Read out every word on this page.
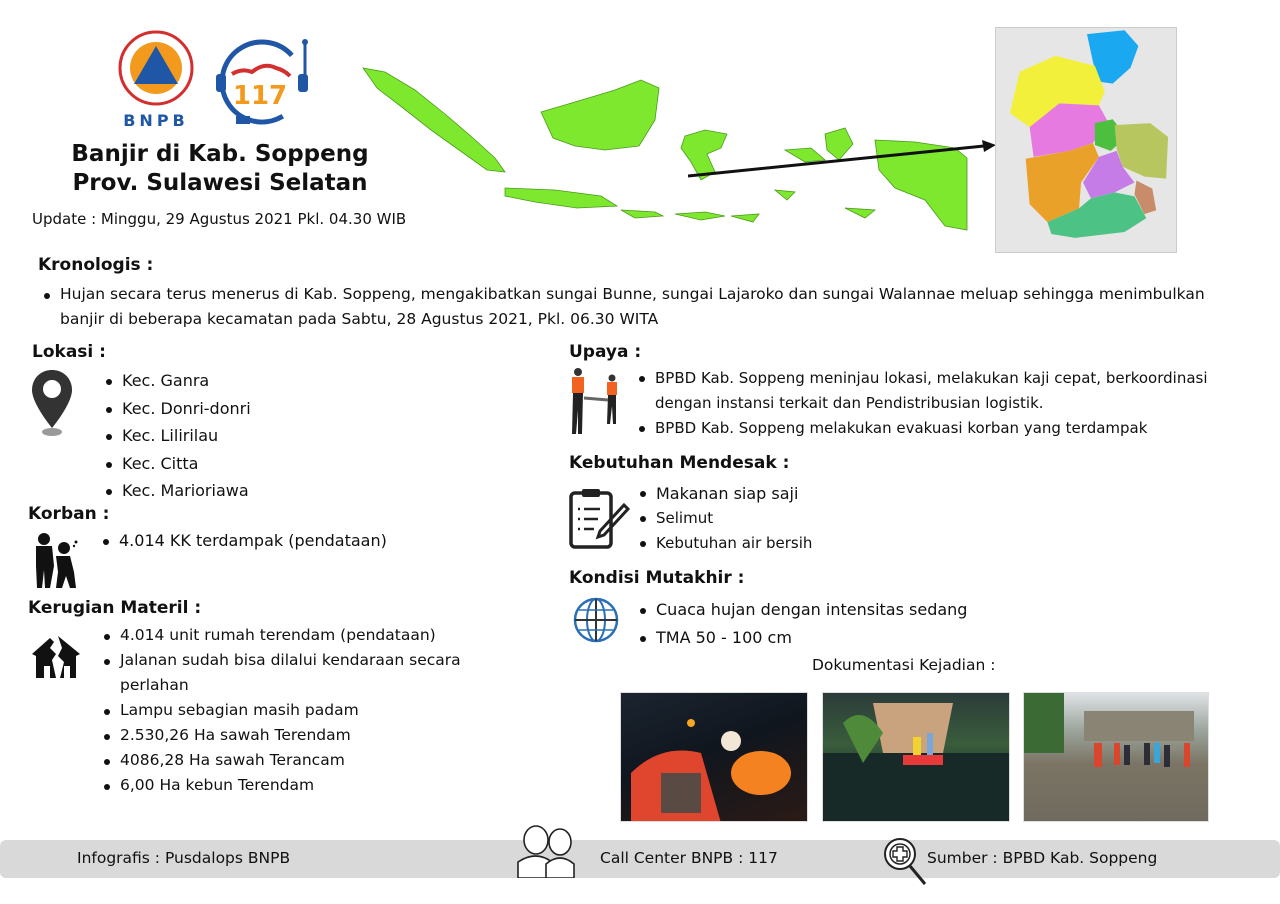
BNPB
117
Banjir di Kab. Soppeng
Prov. Sulawesi Selatan
Update : Minggu, 29 Agustus 2021 Pkl. 04.30 WIB
Kronologis :
Hujan secara terus menerus di Kab. Soppeng, mengakibatkan sungai Bunne, sungai Lajaroko dan sungai Walannae meluap sehingga menimbulkan banjir di beberapa kecamatan pada Sabtu, 28 Agustus 2021, Pkl. 06.30 WITA
Lokasi :
Kec. Ganra
Kec. Donri-donri
Kec. Lilirilau
Kec. Citta
Kec. Marioriawa
Korban :
4.014 KK terdampak (pendataan)
Kerugian Materil :
4.014 unit rumah terendam (pendataan)
Jalanan sudah bisa dilalui kendaraan secara perlahan
Lampu sebagian masih padam
2.530,26 Ha sawah Terendam
4086,28 Ha sawah Terancam
6,00 Ha kebun Terendam
Upaya :
BPBD Kab. Soppeng meninjau lokasi, melakukan kaji cepat, berkoordinasi dengan instansi terkait dan Pendistribusian logistik.
BPBD Kab. Soppeng melakukan evakuasi korban yang terdampak
Kebutuhan Mendesak :
Makanan siap saji
Selimut
Kebutuhan air bersih
Kondisi Mutakhir :
Cuaca hujan dengan intensitas sedang
TMA 50 - 100 cm
Dokumentasi Kejadian :
Infografis : Pusdalops BNPB	Call Center BNPB : 117	Sumber : BPBD Kab. Soppeng
